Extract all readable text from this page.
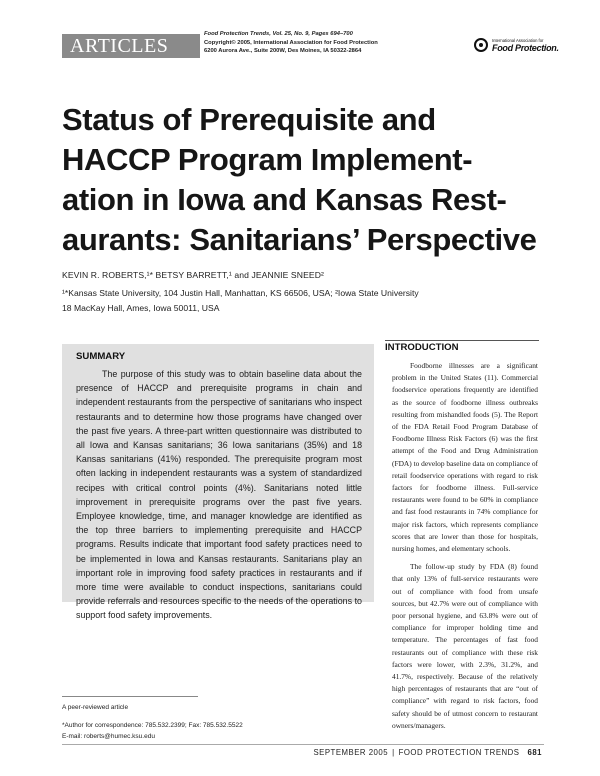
ARTICLES
Food Protection Trends, Vol. 25, No. 9, Pages 694–700
Copyright© 2005, International Association for Food Protection
6200 Aurora Ave., Suite 200W, Des Moines, IA 50322-2864
International Association for
Food Protection.
Status of Prerequisite and
HACCP Program Implement-
ation in Iowa and Kansas Rest-
aurants: Sanitarians’ Perspective
KEVIN R. ROBERTS,¹* BETSY BARRETT,¹ and JEANNIE SNEED²
¹*Kansas State University, 104 Justin Hall, Manhattan, KS 66506, USA; ²Iowa State University
18 MacKay Hall, Ames, Iowa 50011, USA
SUMMARY

The purpose of this study was to obtain baseline data about the presence of HACCP and prerequisite programs in chain and independent restaurants from the perspective of sanitarians who inspect restaurants and to determine how those programs have changed over the past five years. A three-part written questionnaire was distributed to all Iowa and Kansas sanitarians; 36 Iowa sanitarians (35%) and 18 Kansas sanitarians (41%) responded. The prerequisite program most often lacking in independent restaurants was a system of standardized recipes with critical control points (4%). Sanitarians noted little improvement in prerequisite programs over the past five years. Employee knowledge, time, and manager knowledge are identified as the top three barriers to implementing prerequisite and HACCP programs. Results indicate that important food safety practices need to be implemented in Iowa and Kansas restaurants. Sanitarians play an important role in improving food safety practices in restaurants and if more time were available to conduct inspections, sanitarians could provide referrals and resources specific to the needs of the operations to support food safety improvements.

A peer-reviewed article
*Author for correspondence: 785.532.2399; Fax: 785.532.5522
E-mail: roberts@humec.ksu.edu
INTRODUCTION

Foodborne illnesses are a significant problem in the United States (11). Commercial foodservice operations frequently are identified as the source of foodborne illness outbreaks resulting from mishandled foods (5). The Report of the FDA Retail Food Program Database of Foodborne Illness Risk Factors (6) was the first attempt of the Food and Drug Administration (FDA) to develop baseline data on compliance of retail foodservice operations with regard to risk factors for foodborne illness. Full-service restaurants were found to be 60% in compliance and fast food restaurants in 74% compliance for major risk factors, which represents compliance scores that are lower than those for hospitals, nursing homes, and elementary schools.

The follow-up study by FDA (8) found that only 13% of full-service restaurants were out of compliance with food from unsafe sources, but 42.7% were out of compliance with poor personal hygiene, and 63.8% were out of compliance for improper holding time and temperature. The percentages of fast food restaurants out of compliance with these risk factors were lower, with 2.3%, 31.2%, and 41.7%, respectively. Because of the relatively high percentages of restaurants that are “out of compliance” with regard to risk factors, food safety should be of utmost concern to restaurant owners/managers.

SEPTEMBER 2005 | FOOD PROTECTION TRENDS 681
